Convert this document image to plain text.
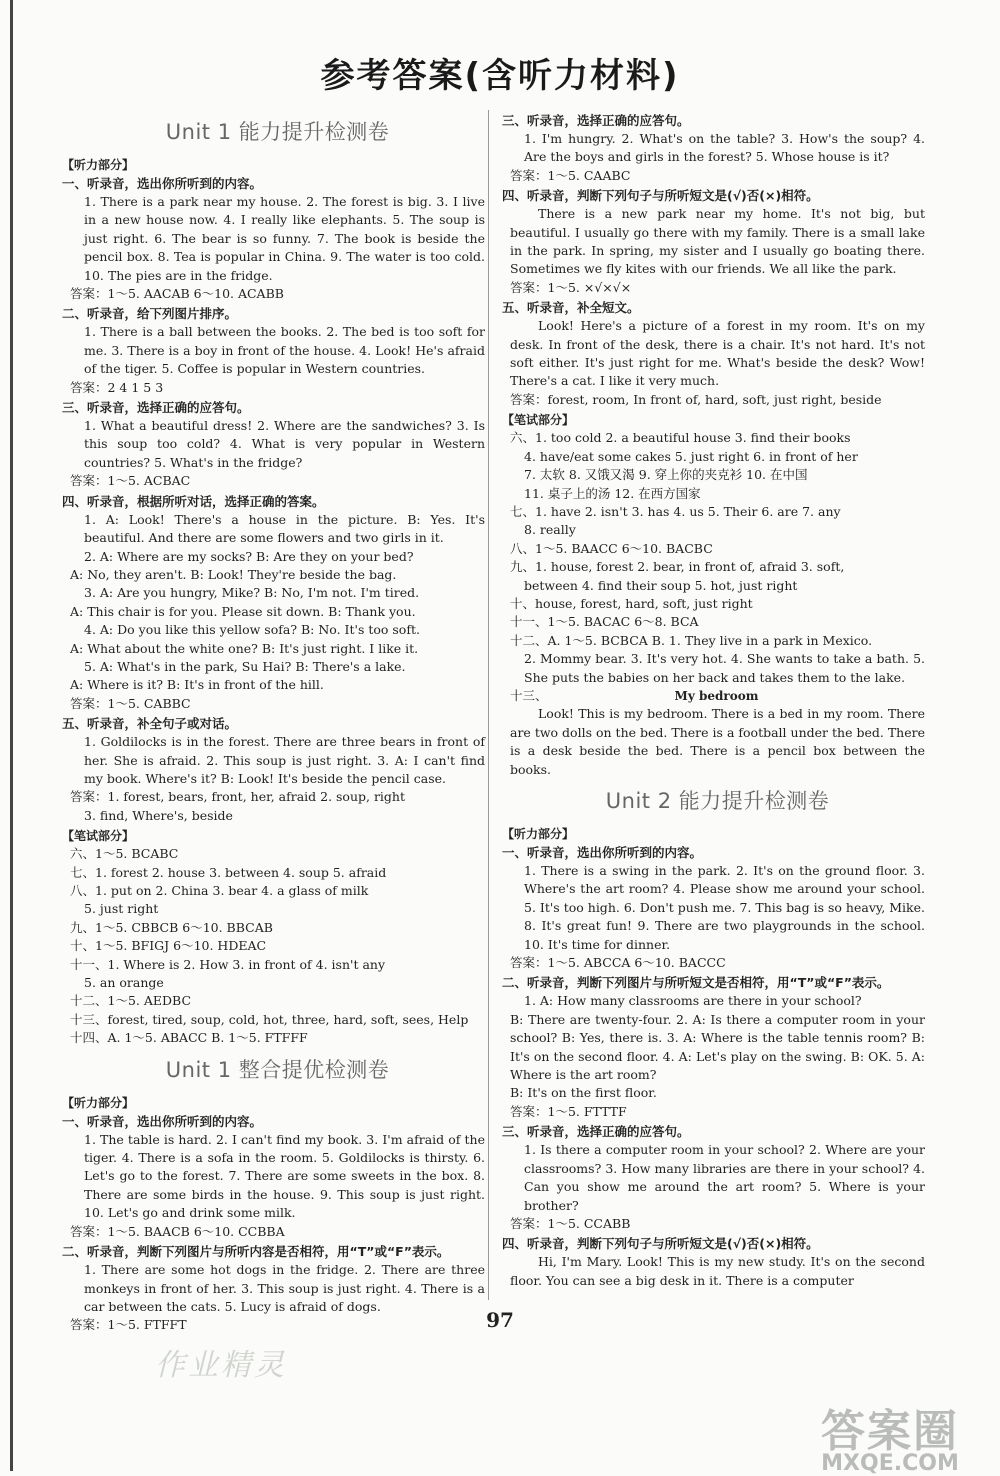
参考答案(含听力材料)
Unit 1 能力提升检测卷
【听力部分】
一、听录音，选出你所听到的内容。

1. There is a park near my house. 2. The forest is big. 3. I live in a new house now. 4. I really like elephants. 5. The soup is just right. 6. The bear is so funny. 7. The book is beside the pencil box. 8. Tea is popular in China. 9. The water is too cold. 10. The pies are in the fridge.

答案：1～5. AACAB 6～10. ACABB

二、听录音，给下列图片排序。

1. There is a ball between the books. 2. The bed is too soft for me. 3. There is a boy in front of the house. 4. Look! He's afraid of the tiger. 5. Coffee is popular in Western countries.

答案：2 4 1 5 3

三、听录音，选择正确的应答句。

1. What a beautiful dress! 2. Where are the sandwiches? 3. Is this soup too cold? 4. What is very popular in Western countries? 5. What's in the fridge?

答案：1～5. ACBAC

四、听录音，根据所听对话，选择正确的答案。

1. A: Look! There's a house in the picture. B: Yes. It's beautiful. And there are some flowers and two girls in it.

2. A: Where are my socks? B: Are they on your bed?

A: No, they aren't. B: Look! They're beside the bag.

3. A: Are you hungry, Mike? B: No, I'm not. I'm tired.

A: This chair is for you. Please sit down. B: Thank you.

4. A: Do you like this yellow sofa? B: No. It's too soft.

A: What about the white one? B: It's just right. I like it.

5. A: What's in the park, Su Hai? B: There's a lake.

A: Where is it? B: It's in front of the hill.

答案：1～5. CABBC

五、听录音，补全句子或对话。

1. Goldilocks is in the forest. There are three bears in front of her. She is afraid. 2. This soup is just right. 3. A: I can't find my book. Where's it? B: Look! It's beside the pencil case.

答案：1. forest, bears, front, her, afraid 2. soup, right

3. find, Where's, beside

【笔试部分】

六、1～5. BCABC

七、1. forest 2. house 3. between 4. soup 5. afraid

八、1. put on 2. China 3. bear 4. a glass of milk

5. just right

九、1～5. CBBCB 6～10. BBCAB

十、1～5. BFIGJ 6～10. HDEAC

十一、1. Where is 2. How 3. in front of 4. isn't any

5. an orange

十二、1～5. AEDBC

十三、forest, tired, soup, cold, hot, three, hard, soft, sees, Help

十四、A. 1～5. ABACC B. 1～5. FTFFF

Unit 1 整合提优检测卷
【听力部分】
一、听录音，选出你所听到的内容。

1. The table is hard. 2. I can't find my book. 3. I'm afraid of the tiger. 4. There is a sofa in the room. 5. Goldilocks is thirsty. 6. Let's go to the forest. 7. There are some sweets in the box. 8. There are some birds in the house. 9. This soup is just right. 10. Let's go and drink some milk.

答案：1～5. BAACB 6～10. CCBBA

二、听录音，判断下列图片与所听内容是否相符，用“T”或“F”表示。

1. There are some hot dogs in the fridge. 2. There are three monkeys in front of her. 3. This soup is just right. 4. There is a car between the cats. 5. Lucy is afraid of dogs.

答案：1～5. FTFFT

三、听录音，选择正确的应答句。

1. I'm hungry. 2. What's on the table? 3. How's the soup? 4. Are the boys and girls in the forest? 5. Whose house is it?

答案：1～5. CAABC

四、听录音，判断下列句子与所听短文是(√)否(×)相符。

There is a new park near my home. It's not big, but beautiful. I usually go there with my family. There is a small lake in the park. In spring, my sister and I usually go boating there. Sometimes we fly kites with our friends. We all like the park.

答案：1～5. ×√×√×

五、听录音，补全短文。

Look! Here's a picture of a forest in my room. It's on my desk. In front of the desk, there is a chair. It's not hard. It's not soft either. It's just right for me. What's beside the desk? Wow! There's a cat. I like it very much.

答案：forest, room, In front of, hard, soft, just right, beside

【笔试部分】

六、1. too cold 2. a beautiful house 3. find their books

4. have/eat some cakes 5. just right 6. in front of her

7. 太软 8. 又饿又渴 9. 穿上你的夹克衫 10. 在中国

11. 桌子上的汤 12. 在西方国家

七、1. have 2. isn't 3. has 4. us 5. Their 6. are 7. any

8. really

八、1～5. BAACC 6～10. BACBC

九、1. house, forest 2. bear, in front of, afraid 3. soft,

between 4. find their soup 5. hot, just right

十、house, forest, hard, soft, just right

十一、1～5. BACAC 6～8. BCA

十二、A. 1～5. BCBCA B. 1. They live in a park in Mexico.

2. Mommy bear. 3. It's very hot. 4. She wants to take a bath. 5. She puts the babies on her back and takes them to the lake.

十三、	My bedroom

Look! This is my bedroom. There is a bed in my room. There are two dolls on the bed. There is a football under the bed. There is a desk beside the bed. There is a pencil box between the books.

Unit 2 能力提升检测卷
【听力部分】
一、听录音，选出你所听到的内容。

1. There is a swing in the park. 2. It's on the ground floor. 3. Where's the art room? 4. Please show me around your school. 5. It's too high. 6. Don't push me. 7. This bag is so heavy, Mike. 8. It's great fun! 9. There are two playgrounds in the school. 10. It's time for dinner.

答案：1～5. ABCCA 6～10. BACCC

二、听录音，判断下列图片与所听短文是否相符，用“T”或“F”表示。

1. A: How many classrooms are there in your school?

B: There are twenty-four. 2. A: Is there a computer room in your school? B: Yes, there is. 3. A: Where is the table tennis room? B: It's on the second floor. 4. A: Let's play on the swing. B: OK. 5. A: Where is the art room?

B: It's on the first floor.

答案：1～5. FTTTF

三、听录音，选择正确的应答句。

1. Is there a computer room in your school? 2. Where are your classrooms? 3. How many libraries are there in your school? 4. Can you show me around the art room? 5. Where is your brother?

答案：1～5. CCABB

四、听录音，判断下列句子与所听短文是(√)否(×)相符。

Hi, I'm Mary. Look! This is my new study. It's on the second floor. You can see a big desk in it. There is a computer

97
作业精灵
答案圈
MXQE.COM
